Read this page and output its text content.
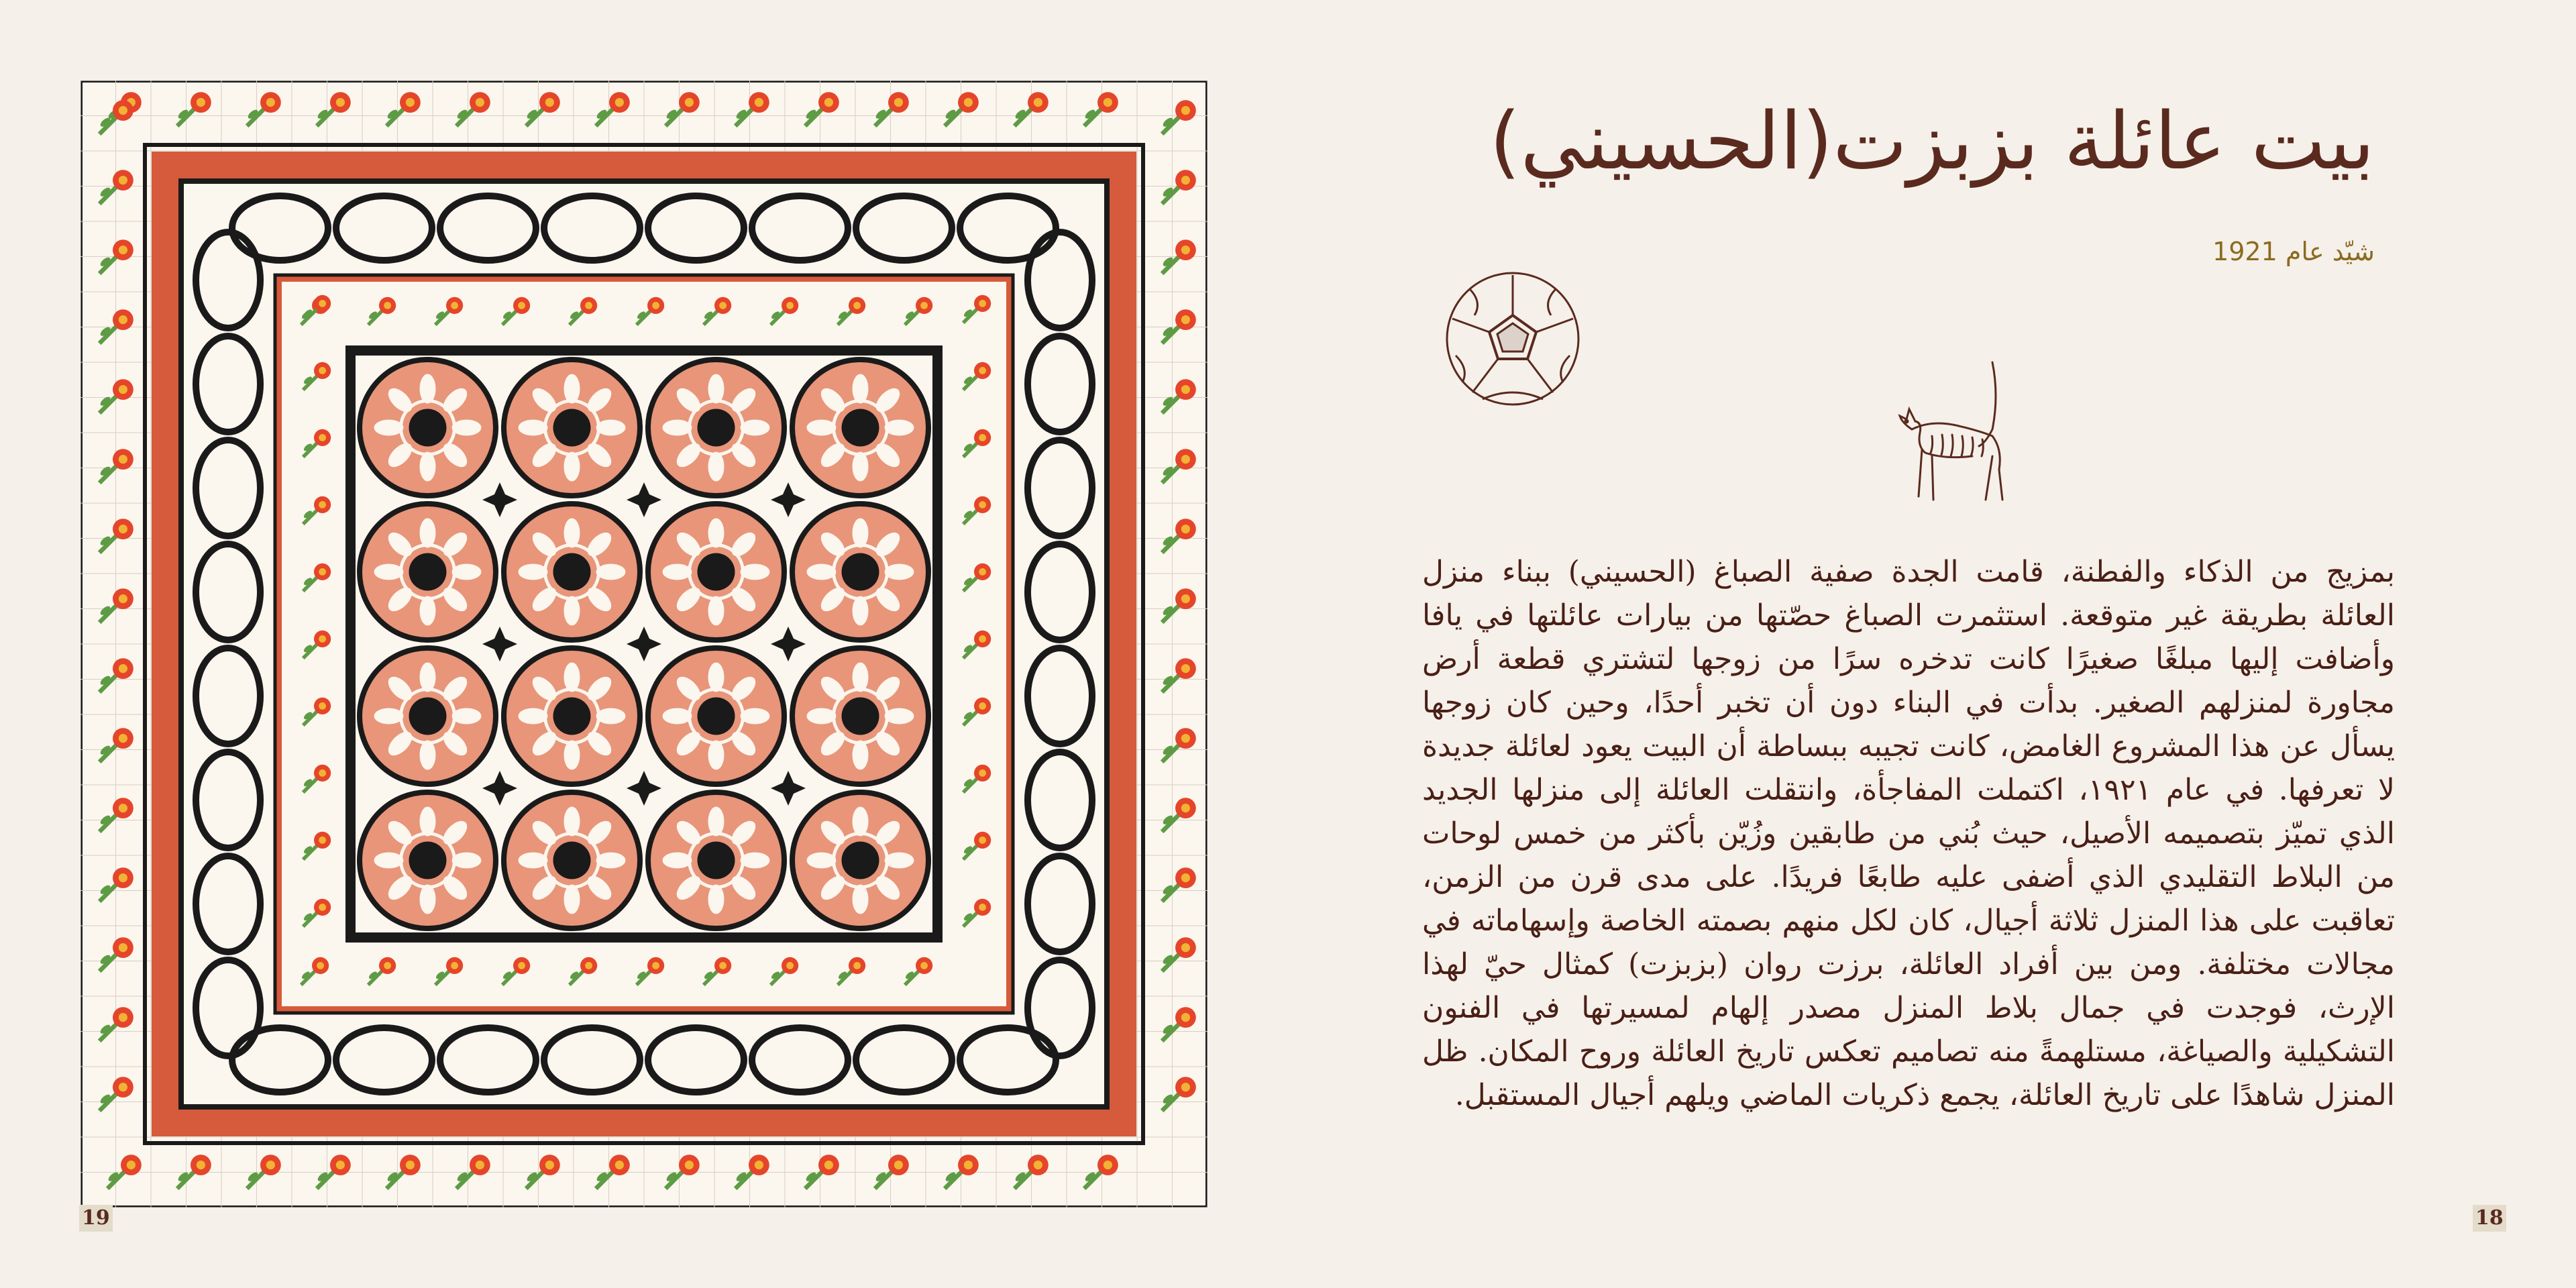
19
بيت عائلة بزبزت(الحسيني)

شيّد عام 1921

بمزيج من الذكاء والفطنة، قامت الجدة صفية الصباغ (الحسيني) ببناء منزل العائلة بطريقة غير متوقعة. استثمرت الصباغ حصّتها من بيارات عائلتها في يافا وأضافت إليها مبلغًا صغيرًا كانت تدخره سرًا من زوجها لتشتري قطعة أرض مجاورة لمنزلهم الصغير. بدأت في البناء دون أن تخبر أحدًا، وحين كان زوجها يسأل عن هذا المشروع الغامض، كانت تجيبه ببساطة أن البيت يعود لعائلة جديدة لا تعرفها. في عام ١٩٢١، اكتملت المفاجأة، وانتقلت العائلة إلى منزلها الجديد الذي تميّز بتصميمه الأصيل، حيث بُني من طابقين وزُيّن بأكثر من خمس لوحات من البلاط التقليدي الذي أضفى عليه طابعًا فريدًا. على مدى قرن من الزمن، تعاقبت على هذا المنزل ثلاثة أجيال، كان لكل منهم بصمته الخاصة وإسهاماته في مجالات مختلفة. ومن بين أفراد العائلة، برزت روان (بزبزت) كمثال حيّ لهذا الإرث، فوجدت في جمال بلاط المنزل مصدر إلهام لمسيرتها في الفنون التشكيلية والصياغة، مستلهمةً منه تصاميم تعكس تاريخ العائلة وروح المكان. ظل المنزل شاهدًا على تاريخ العائلة، يجمع ذكريات الماضي ويلهم أجيال المستقبل.

18
